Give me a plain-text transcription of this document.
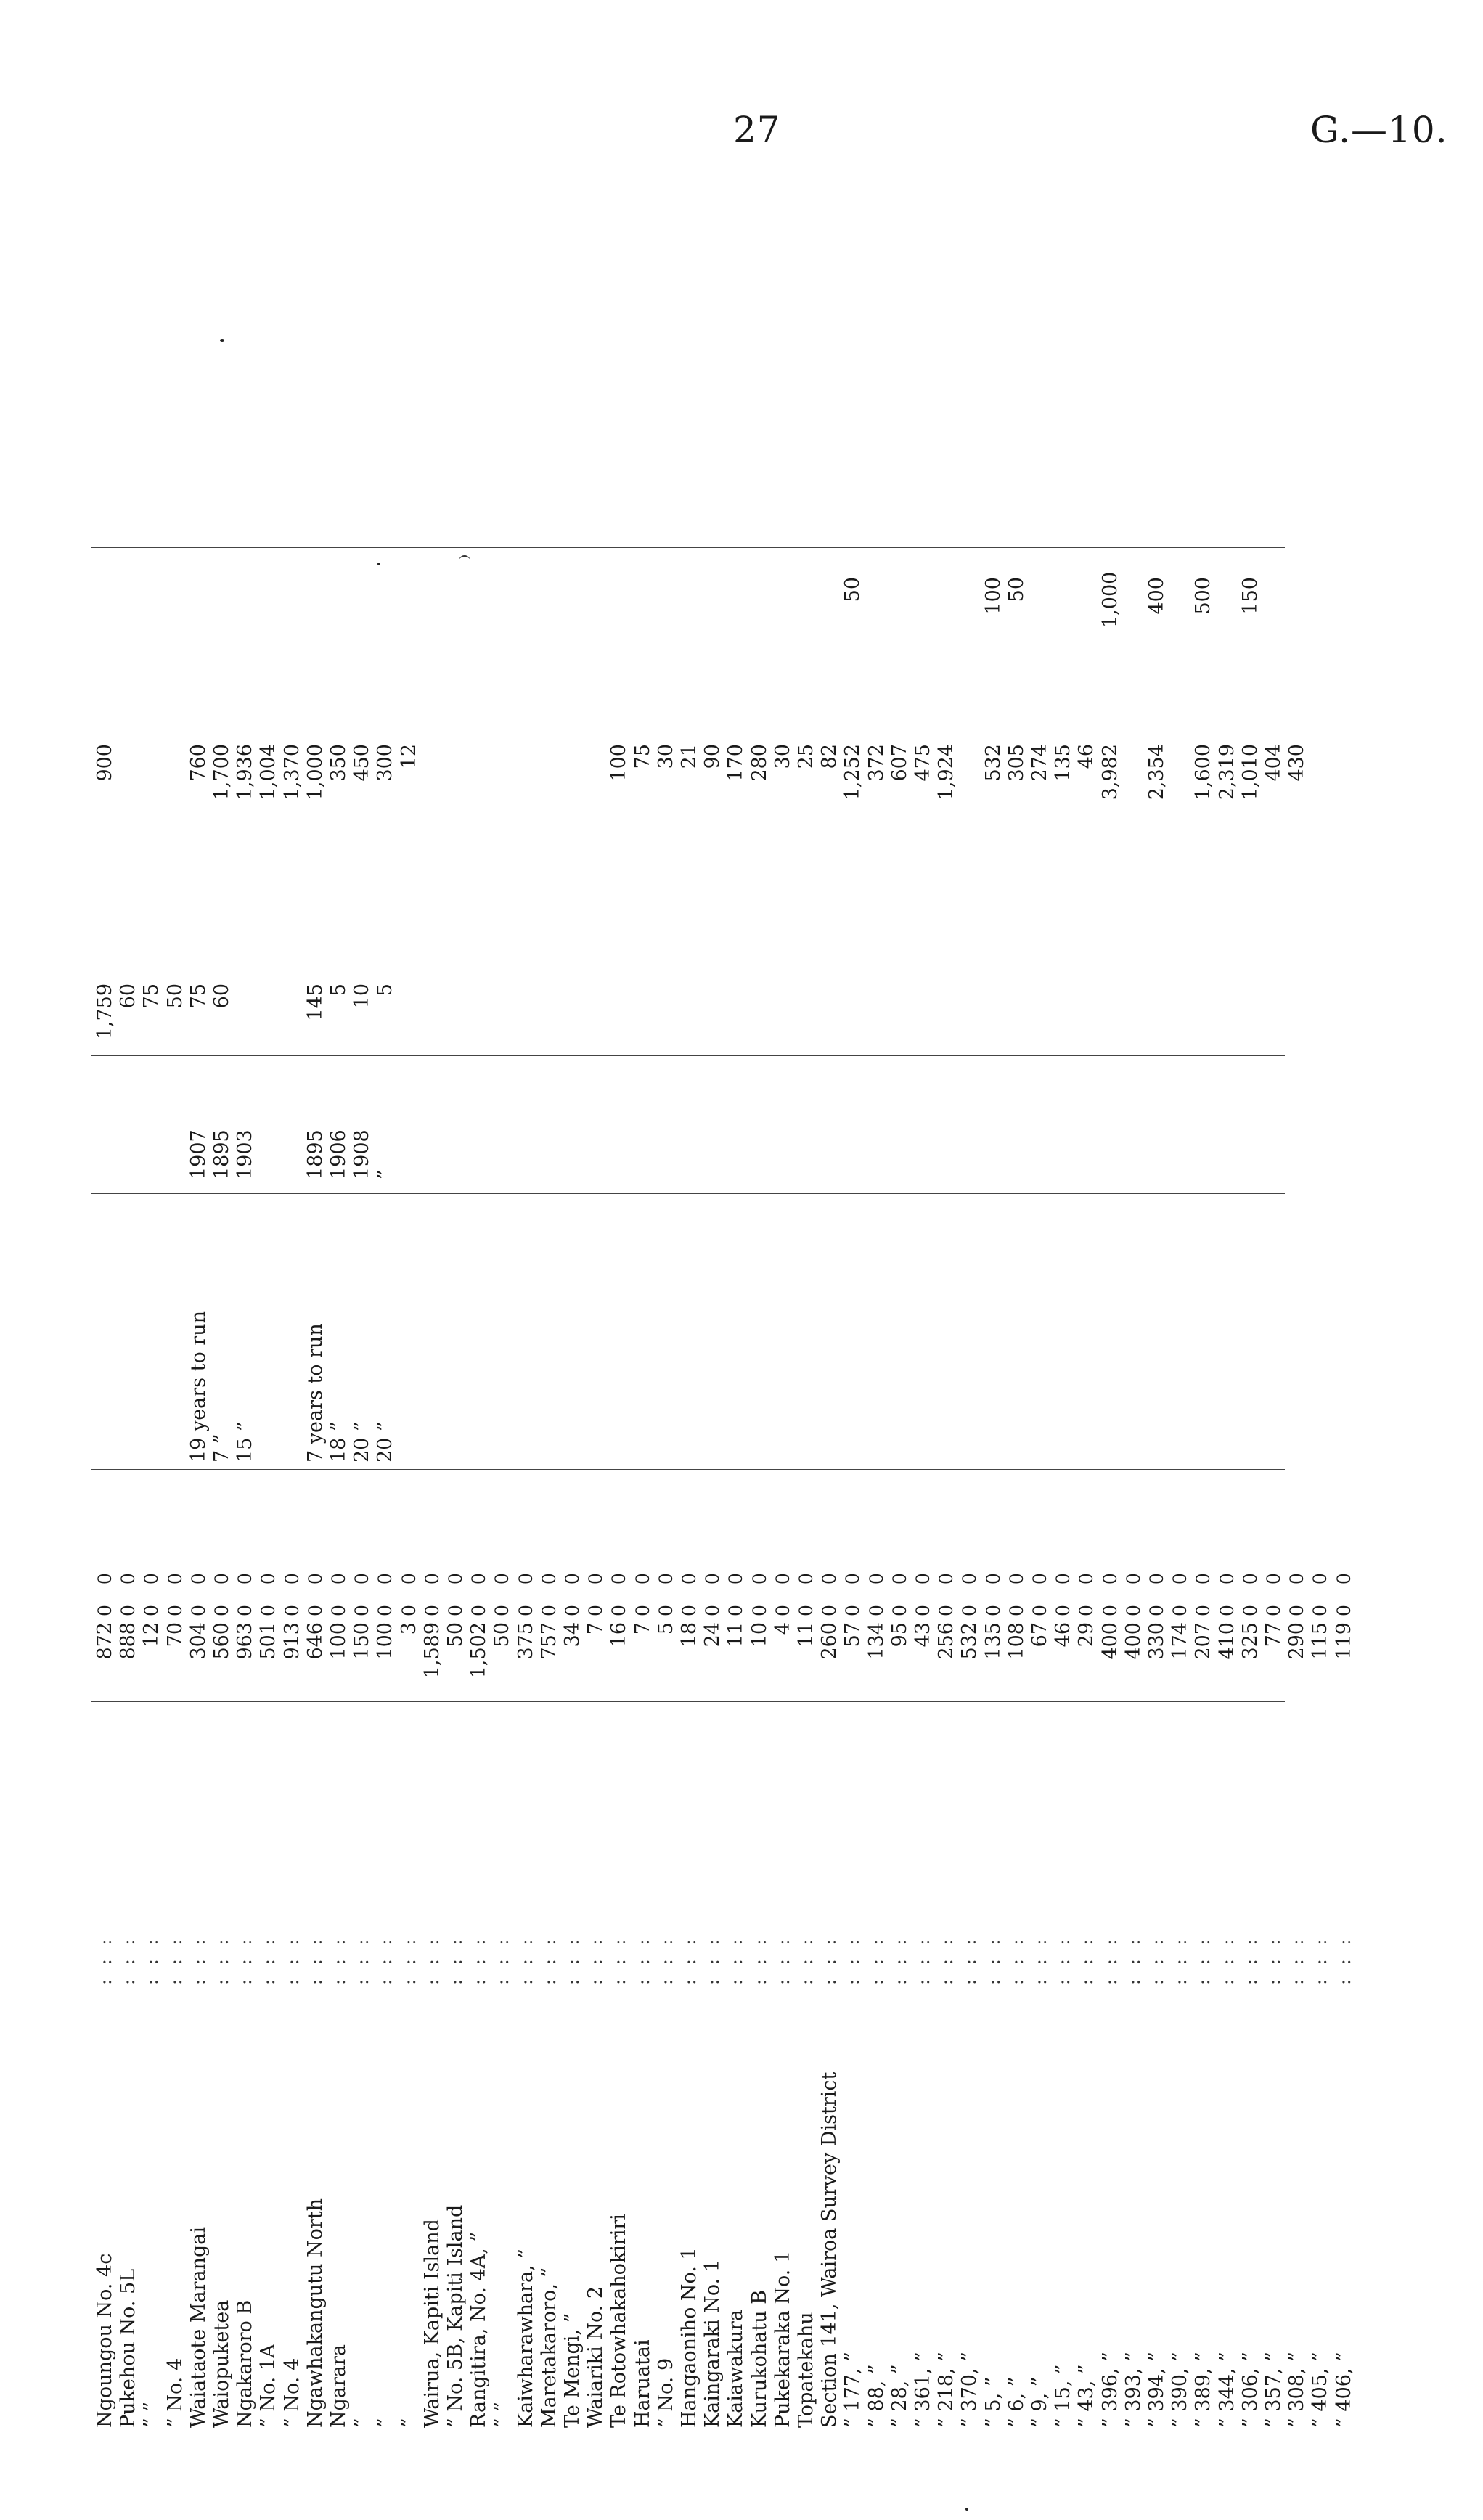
27	G.—10.
Ngoungou No. 4c
: : :
8720 0
1,759
900
Pukehou No. 5L
: : :
8880 0
60
” ”
: : :
120 0
75
” No. 4
: : :
700 0
50
Waiataote Marangai
: : :
3040 0
19 years to run
1907
75
760
Waiopuketea
: : :
5600 0
7 ”
1895
60
1,700
Ngakaroro B
: : :
9630 0
15 ”
1903
1,936
” No. 1A
: : :
5010 0
1,004
” No. 4
: : :
9130 0
1,370
Ngawhakangutu North
: : :
6460 0
7 years to run
1895
145
1,000
Ngarara
: : :
1000 0
18 ”
1906
5
350
”
: : :
1500 0
20 ”
1908
10
450
”
: : :
1000 0
20 ”
”
5
300
”
: : :
30 0
12
Wairua, Kapiti Island
: : :
1,5890 0
” No. 5B, Kapiti Island
: : :
500 0
Rangitira, No. 4A, ”
: : :
1,5020 0
” ”
: : :
500 0
Kaiwharawhara, ”
: : :
3750 0
Maretakaroro, ”
: : :
7570 0
Te Mengi, ”
: : :
340 0
Waiariki No. 2
: : :
70 0
Te Rotowhakahokiriri
: : :
160 0
100
Haruatai
: : :
70 0
75
” No. 9
: : :
50 0
30
Hangaoniho No. 1
: : :
180 0
21
Kaingaraki No. 1
: : :
240 0
90
Kaiawakura
: : :
110 0
170
Kurukohatu B
: : :
100 0
280
Pukekaraka No. 1
: : :
40 0
30
Topatekahu
: : :
110 0
25
Section 141, Wairoa Survey District
: : :
2600 0
82
” 177, ”
: : :
570 0
1,252
50
” 88, ”
: : :
1340 0
372
” 28, ”
: : :
950 0
607
” 361, ”
: : :
430 0
475
” 218, ”
: : :
2560 0
1,924
” 370, ”
: : :
5320 0
” 5, ”
: : :
1350 0
532
100
” 6, ”
: : :
1080 0
305
50
” 9, ”
: : :
670 0
274
” 15, ”
: : :
460 0
135
” 43, ”
: : :
290 0
46
” 396, ”
: : :
4000 0
3,982
1,000
” 393, ”
: : :
4000 0
” 394, ”
: : :
3300 0
2,354
400
” 390, ”
: : :
1740 0
” 389, ”
: : :
2070 0
1,600
500
” 344, ”
: : :
4100 0
2,319
” 306, ”
: : :
3250 0
1,010
150
” 357, ”
: : :
770 0
404
” 308, ”
: : :
2900 0
430
” 405, ”
: : :
1150 0
” 406, ”
: : :
1190 0
